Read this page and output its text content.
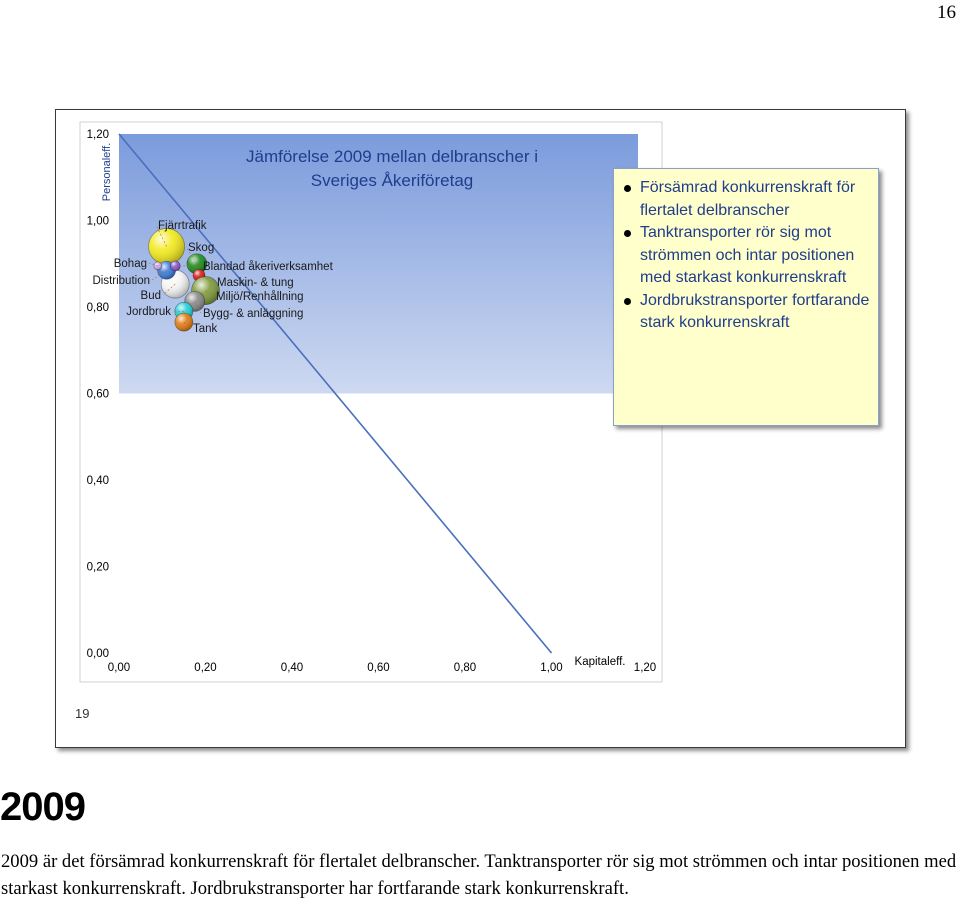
16
0,00
0,20
0,40
0,60
0,80
1,00
1,20
0,00	0,20	0,40	0,60	0,80	1,00	1,20
Fjärrtrafik
Skog
Bohag
Distribution
Blandad åkeriverksamhet
Maskin- & tung
Bud	Miljö/Renhållning
Jordbruk	Bygg- & anläggning
Tank
Jämförelse 2009 mellan delbranscher i
Sveriges Åkeriföretag
Personaleff.
Kapitaleff.
Försämrad konkurrenskraft för flertalet delbranscher
Tanktransporter rör sig mot strömmen och intar positionen med starkast konkurrenskraft
Jordbrukstransporter fortfarande stark konkurrenskraft
19
2009

2009 är det försämrad konkurrenskraft för flertalet delbranscher. Tanktransporter rör sig mot strömmen och intar positionen med starkast konkurrenskraft. Jordbrukstransporter har fortfarande stark konkurrenskraft.
